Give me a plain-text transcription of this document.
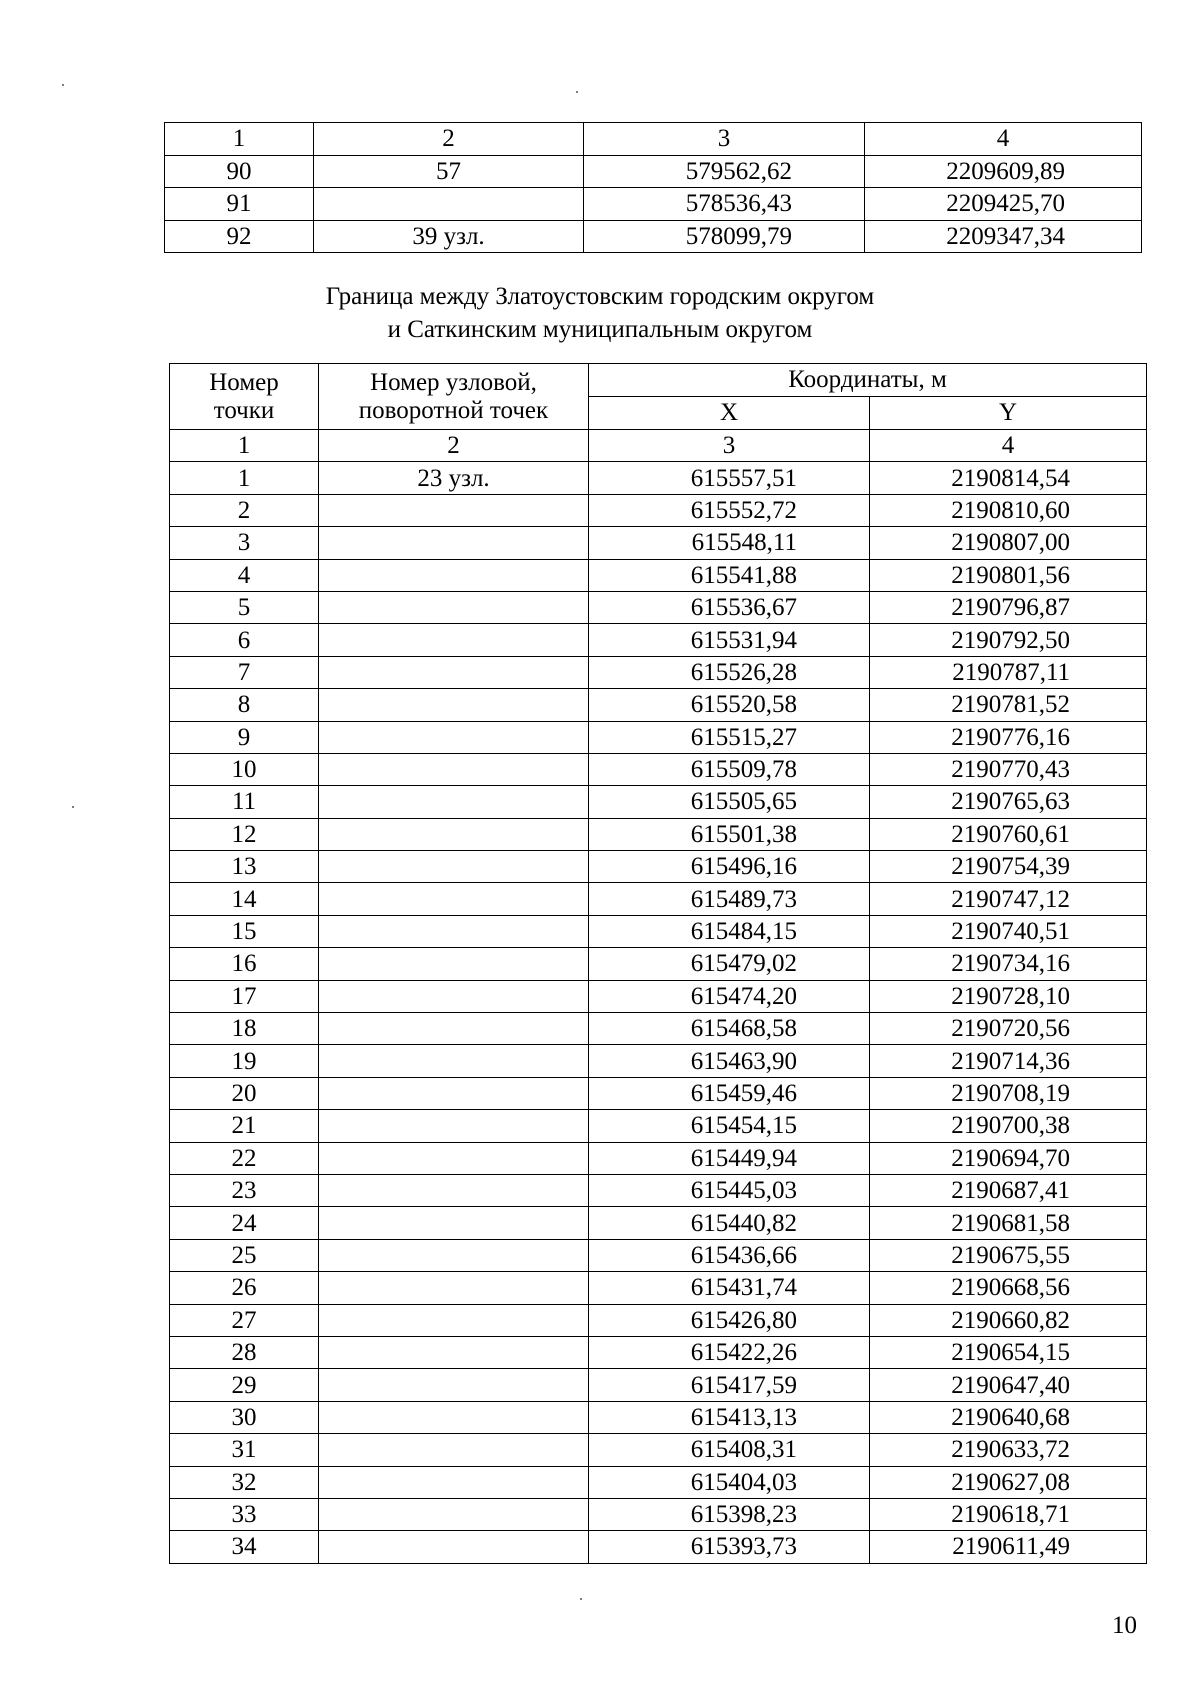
1	2	3	4
90	57	579562,62	2209609,89
91		578536,43	2209425,70
92	39 узл.	578099,79	2209347,34
Граница между Златоустовским городским округом
и Саткинским муниципальным округом
Номер точки	Номер узловой, поворотной точек	Координаты, м	
		X	Y
1	2	3	4
1	23 узл.	615557,51	2190814,54
2		615552,72	2190810,60
3		615548,11	2190807,00
4		615541,88	2190801,56
5		615536,67	2190796,87
6		615531,94	2190792,50
7		615526,28	2190787,11
8		615520,58	2190781,52
9		615515,27	2190776,16
10		615509,78	2190770,43
11		615505,65	2190765,63
12		615501,38	2190760,61
13		615496,16	2190754,39
14		615489,73	2190747,12
15		615484,15	2190740,51
16		615479,02	2190734,16
17		615474,20	2190728,10
18		615468,58	2190720,56
19		615463,90	2190714,36
20		615459,46	2190708,19
21		615454,15	2190700,38
22		615449,94	2190694,70
23		615445,03	2190687,41
24		615440,82	2190681,58
25		615436,66	2190675,55
26		615431,74	2190668,56
27		615426,80	2190660,82
28		615422,26	2190654,15
29		615417,59	2190647,40
30		615413,13	2190640,68
31		615408,31	2190633,72
32		615404,03	2190627,08
33		615398,23	2190618,71
34		615393,73	2190611,49
10
